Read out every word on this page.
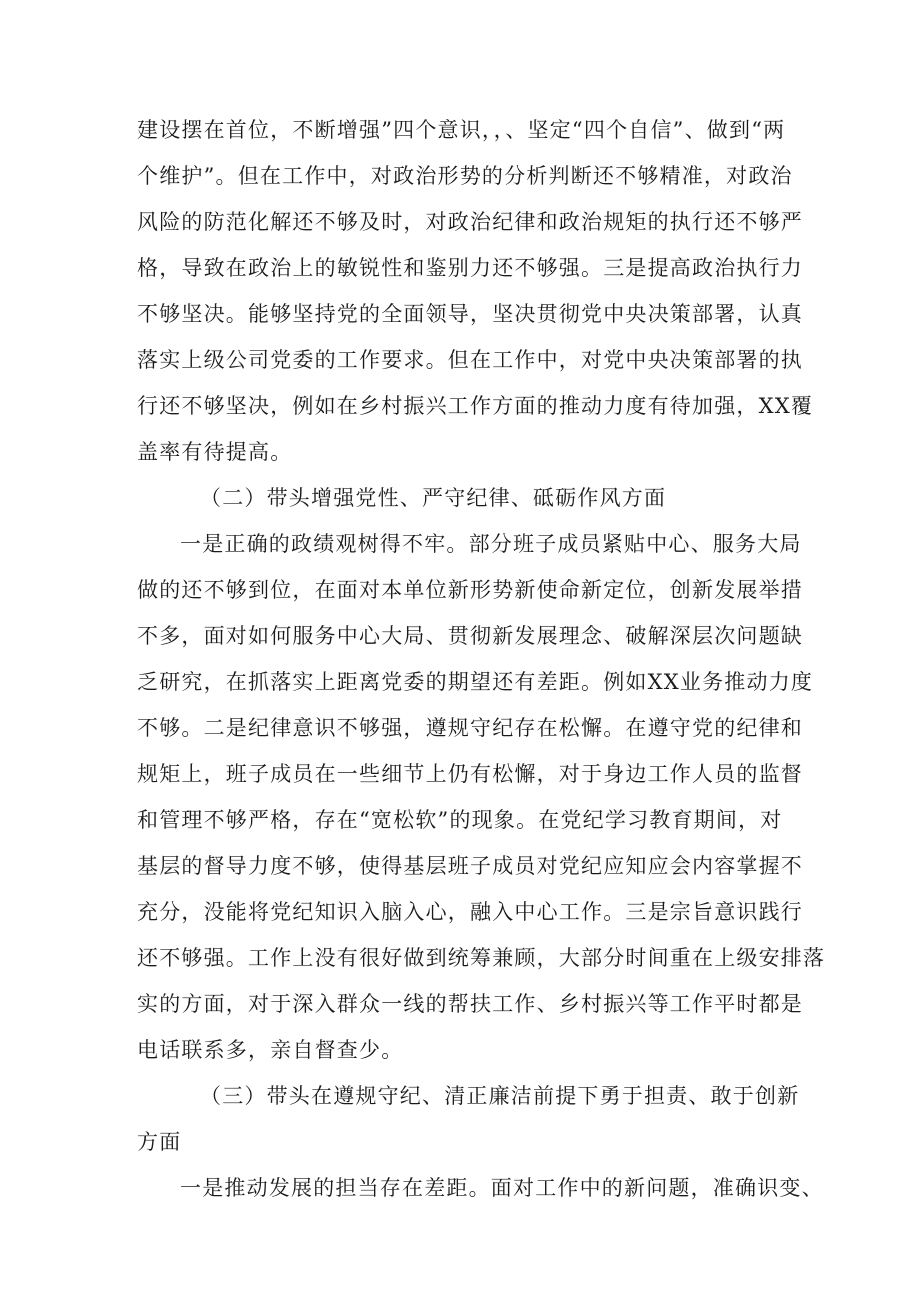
建设摆在首位，不断增强”四个意识，，、坚定“四个自信”、做到“两
个维护”。但在工作中，对政治形势的分析判断还不够精准，对政治
风险的防范化解还不够及时，对政治纪律和政治规矩的执行还不够严
格，导致在政治上的敏锐性和鉴别力还不够强。三是提高政治执行力
不够坚决。能够坚持党的全面领导，坚决贯彻党中央决策部署，认真
落实上级公司党委的工作要求。但在工作中，对党中央决策部署的执
行还不够坚决，例如在乡村振兴工作方面的推动力度有待加强，XX覆
盖率有待提高。
（二）带头增强党性、严守纪律、砥砺作风方面
一是正确的政绩观树得不牢。部分班子成员紧贴中心、服务大局
做的还不够到位，在面对本单位新形势新使命新定位，创新发展举措
不多，面对如何服务中心大局、贯彻新发展理念、破解深层次问题缺
乏研究，在抓落实上距离党委的期望还有差距。例如XX业务推动力度
不够。二是纪律意识不够强，遵规守纪存在松懈。在遵守党的纪律和
规矩上，班子成员在一些细节上仍有松懈，对于身边工作人员的监督
和管理不够严格，存在“宽松软”的现象。在党纪学习教育期间，对
基层的督导力度不够，使得基层班子成员对党纪应知应会内容掌握不
充分，没能将党纪知识入脑入心，融入中心工作。三是宗旨意识践行
还不够强。工作上没有很好做到统筹兼顾，大部分时间重在上级安排落
实的方面，对于深入群众一线的帮扶工作、乡村振兴等工作平时都是
电话联系多，亲自督查少。
（三）带头在遵规守纪、清正廉洁前提下勇于担责、敢于创新
方面
一是推动发展的担当存在差距。面对工作中的新问题，准确识变、
